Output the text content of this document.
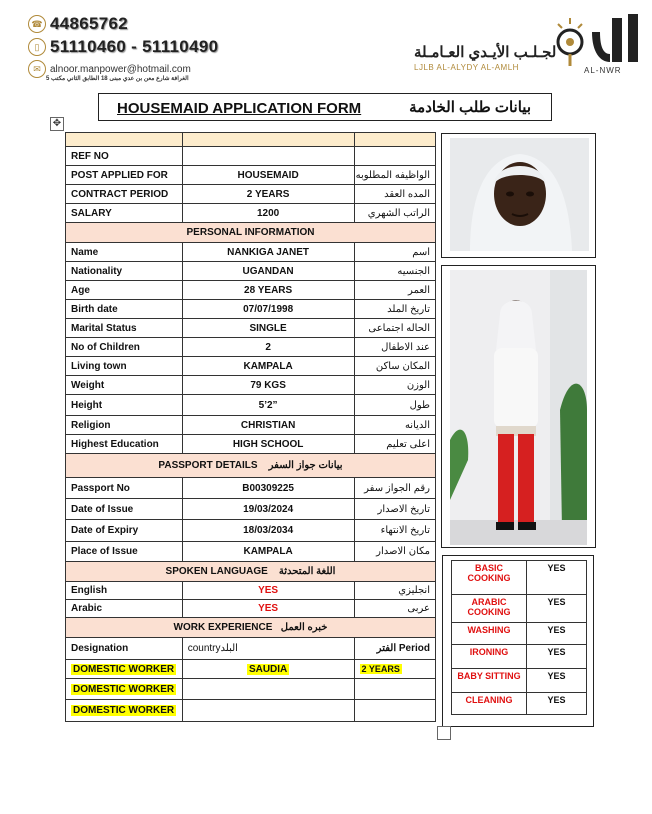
☎ 44865762
▯ 51110460 - 51110490
✉ alnoor.manpower@hotmail.com
الغرافة شارع معن بن عدي مبنى 18 الطابق الثاني مكتب 5
لجـلـب الأيـدي العـامـلة
LJLB AL-ALYDY AL-AMLH	AL-NWR
HOUSEMAID APPLICATION FORM	بيانات طلب الخادمة
✥

REF NO		
POST APPLIED FOR	HOUSEMAID	الواظيفه المطلوبه
CONTRACT PERIOD	2 YEARS	المده العقد
SALARY	1200	الراتب الشهري
PERSONAL INFORMATION		
Name	NANKIGA JANET	اسم
Nationality	UGANDAN	الجنسيه
Age	28 YEARS	العمر
Birth date	07/07/1998	تاريخ الملد
Marital Status	SINGLE	الحاله اجتماعى
No of Children	2	عند الاطفال
Living town	KAMPALA	المكان ساكن
Weight	79 KGS	الوزن
Height	5’2”	طول
Religion	CHRISTIAN	الديانه
Highest Education	HIGH SCHOOL	اعلى تعليم
PASSPORT DETAILS بيانات جواز السفر		
Passport No	B00309225	رقم الجواز سفر
Date of Issue	19/03/2024	تاريخ الاصدار
Date of Expiry	18/03/2034	تاريخ الانتهاء
Place of Issue	KAMPALA	مكان الاصدار
SPOKEN LANGUAGE اللغة المتحدثة		
English	YES	انجليزي
Arabic	YES	عربى
WORK EXPERIENCE خبره العمل		
Designation	countryالبلد	الفتر Period
DOMESTIC WORKER	SAUDIA	2 YEARS
DOMESTIC WORKER		
DOMESTIC WORKER		
BASIC COOKING	YES
ARABIC COOKING	YES
WASHING	YES
IRONING	YES
BABY SITTING	YES
CLEANING	YES
